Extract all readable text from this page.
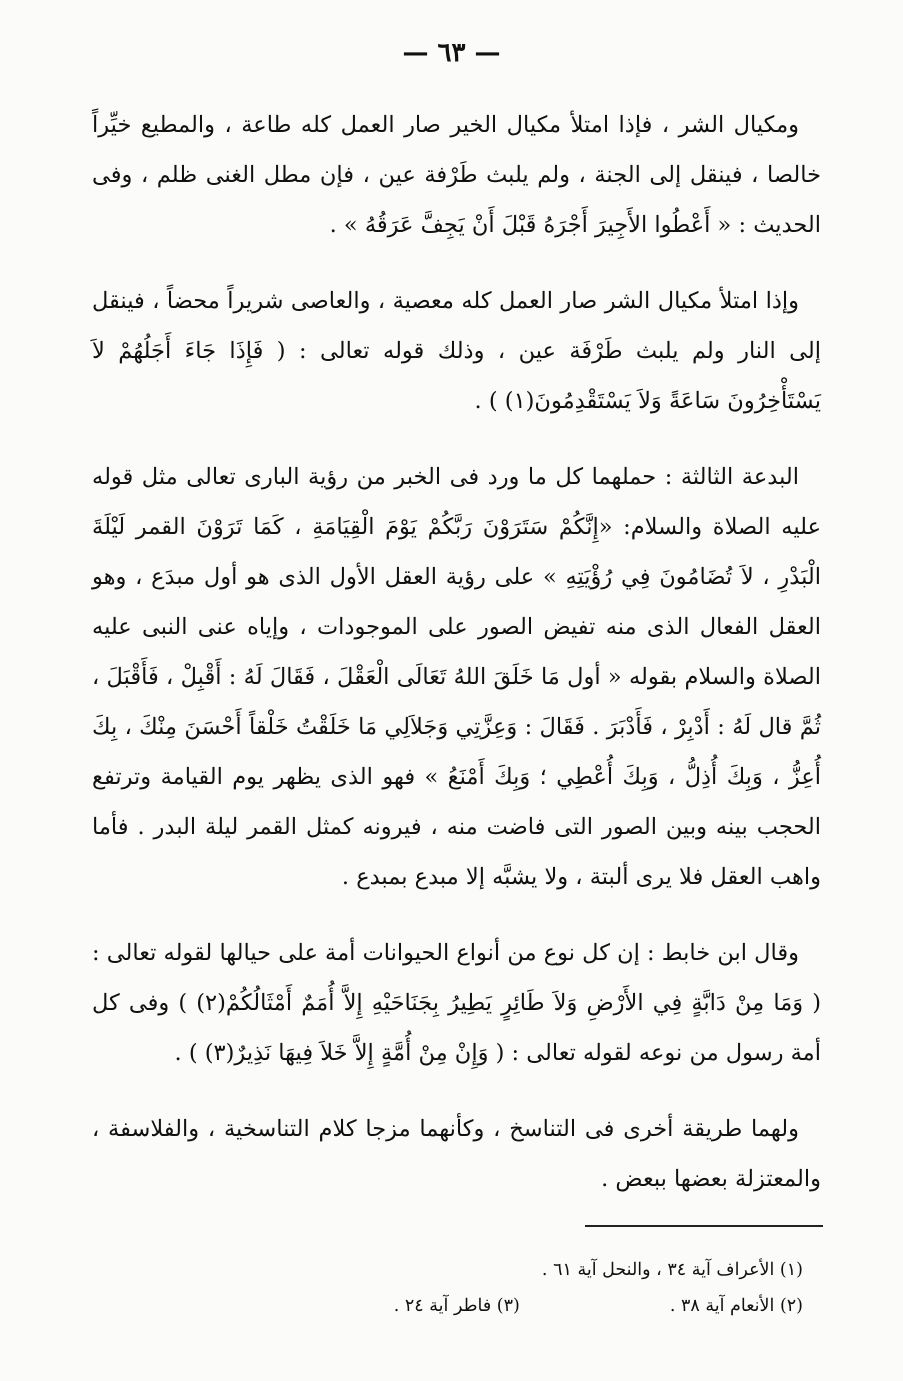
— ٦٣ —

ومكيال الشر ، فإذا امتلأ مكيال الخير صار العمل كله طاعة ، والمطيع خيِّراً خالصا ، فينقل إلى الجنة ، ولم يلبث طَرْفة عين ، فإن مطل الغنى ظلم ، وفى الحديث : « أَعْطُوا الأَجِيرَ أَجْرَهُ قَبْلَ أَنْ يَجِفَّ عَرَقُهُ » .

وإذا امتلأ مكيال الشر صار العمل كله معصية ، والعاصى شريراً محضاً ، فينقل إلى النار ولم يلبث طَرْفَة عين ، وذلك قوله تعالى : ( فَإِذَا جَاءَ أَجَلُهُمْ لاَ يَسْتَأْخِرُونَ سَاعَةً وَلاَ يَسْتَقْدِمُونَ(١) ) .

البدعة الثالثة : حملهما كل ما ورد فى الخبر من رؤية البارى تعالى مثل قوله عليه الصلاة والسلام: «إِنَّكُمْ سَتَرَوْنَ رَبَّكُمْ يَوْمَ الْقِيَامَةِ ، كَمَا تَرَوْنَ القمر لَيْلَةَ الْبَدْرِ ، لاَ تُضَامُونَ فِي رُؤْيَتِهِ » على رؤية العقل الأول الذى هو أول مبدَع ، وهو العقل الفعال الذى منه تفيض الصور على الموجودات ، وإياه عنى النبى عليه الصلاة والسلام بقوله « أول مَا خَلَقَ اللهُ تَعَالَى الْعَقْلَ ، فَقَالَ لَهُ : أَقْبِلْ ، فَأَقْبَلَ ، ثُمَّ قال لَهُ : أَدْبِرْ ، فَأَدْبَرَ . فَقَالَ : وَعِزَّتِي وَجَلاَلِي مَا خَلَقْتُ خَلْقاً أَحْسَنَ مِنْكَ ، بِكَ أُعِزُّ ، وَبِكَ أُذِلُّ ، وَبِكَ أُعْطِي ؛ وَبِكَ أَمْنَعُ » فهو الذى يظهر يوم القيامة وترتفع الحجب بينه وبين الصور التى فاضت منه ، فيرونه كمثل القمر ليلة البدر . فأما واهب العقل فلا يرى ألبتة ، ولا يشبَّه إلا مبدع بمبدع .

وقال ابن خابط : إن كل نوع من أنواع الحيوانات أمة على حيالها لقوله تعالى : ( وَمَا مِنْ دَابَّةٍ فِي الأَرْضِ وَلاَ طَائِرٍ يَطِيرُ بِجَنَاحَيْهِ إِلاَّ أُمَمٌ أَمْثَالُكُمْ(٢) ) وفى كل أمة رسول من نوعه لقوله تعالى : ( وَإِنْ مِنْ أُمَّةٍ إِلاَّ خَلاَ فِيهَا نَذِيرٌ(٣) ) .

ولهما طريقة أخرى فى التناسخ ، وكأنهما مزجا كلام التناسخية ، والفلاسفة ، والمعتزلة بعضها ببعض .

(١) الأعراف آية ٣٤ ، والنحل آية ٦١ .
(٢) الأنعام آية ٣٨ .
(٣) فاطر آية ٢٤ .
